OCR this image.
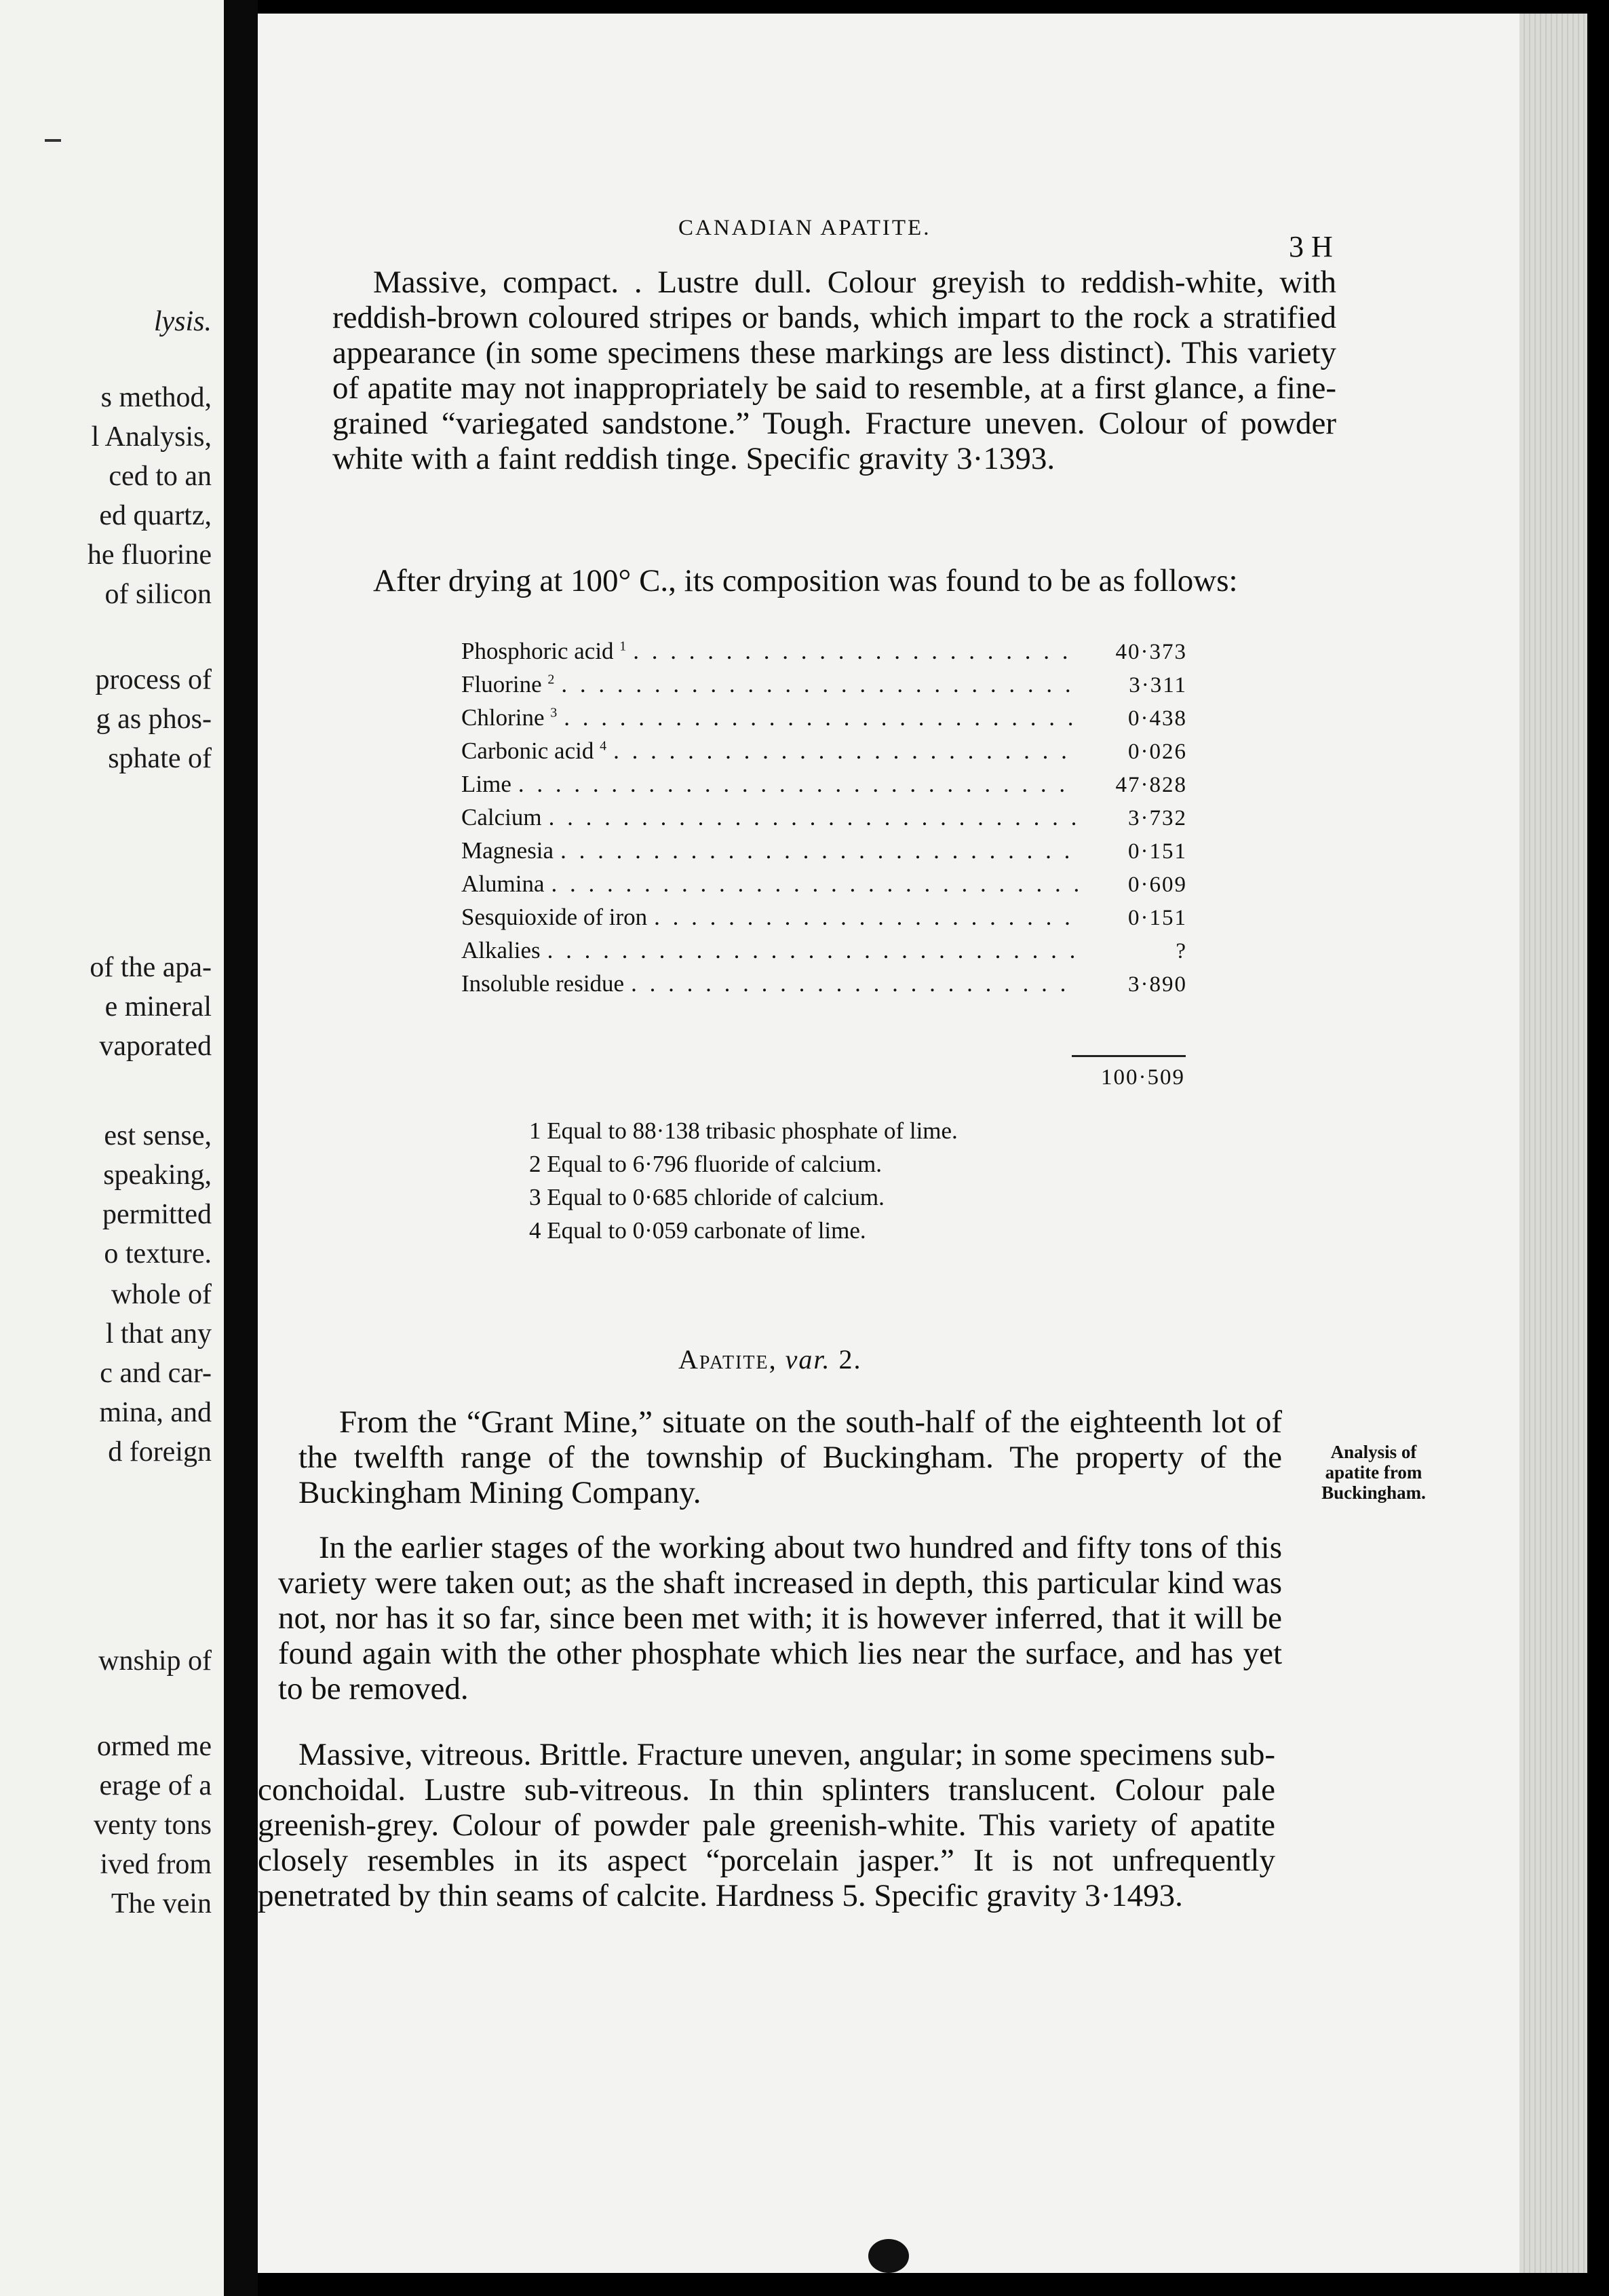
lysis.
s method,
l Analysis,
ced to an
ed quartz,
he fluorine
of silicon
process of
g as phos-
sphate of
of the apa-
e mineral
vaporated
est sense,
speaking,
permitted
o texture.
whole of
l that any
c and car-
mina, and
d foreign
wnship of
ormed me
erage of a
venty tons
ived from
The vein
CANADIAN APATITE.
3 H
Massive, compact. . Lustre dull. Colour greyish to reddish-white, with reddish-brown coloured stripes or bands, which impart to the rock a stratified appearance (in some specimens these markings are less distinct). This variety of apatite may not inappropriately be said to resemble, at a first glance, a fine-grained “variegated sandstone.” Tough. Fracture uneven. Colour of powder white with a faint reddish tinge. Specific gravity 3·1393.
After drying at 100° C., its composition was found to be as follows:
Phosphoric acid $^1$ . . .	40·373
Fluorine $^2$ . . .	3·311
Chlorine $^3$ . . .	0·438
Carbonic acid $^4$ . . .	0·026
Lime . . .	47·828
Calcium . . .	3·732
Magnesia . . .	0·151
Alumina . . .	0·609
Sesquioxide of iron . . .	0·151
Alkalies . . .	?
Insoluble residue . . .	3·890
100·509
1 Equal to 88·138 tribasic phosphate of lime.
2 Equal to 6·796 fluoride of calcium.
3 Equal to 0·685 chloride of calcium.
4 Equal to 0·059 carbonate of lime.
Apatite, var. 2.
From the “Grant Mine,” situate on the south-half of the eighteenth lot of the twelfth range of the township of Buckingham. The property of the Buckingham Mining Company.
Analysis of apatite from Buckingham.
In the earlier stages of the working about two hundred and fifty tons of this variety were taken out; as the shaft increased in depth, this particular kind was not, nor has it so far, since been met with; it is however inferred, that it will be found again with the other phosphate which lies near the surface, and has yet to be removed.
Massive, vitreous. Brittle. Fracture uneven, angular; in some specimens sub-conchoidal. Lustre sub-vitreous. In thin splinters translucent. Colour pale greenish-grey. Colour of powder pale greenish-white. This variety of apatite closely resembles in its aspect “porcelain jasper.” It is not unfrequently penetrated by thin seams of calcite. Hardness 5. Specific gravity 3·1493.
